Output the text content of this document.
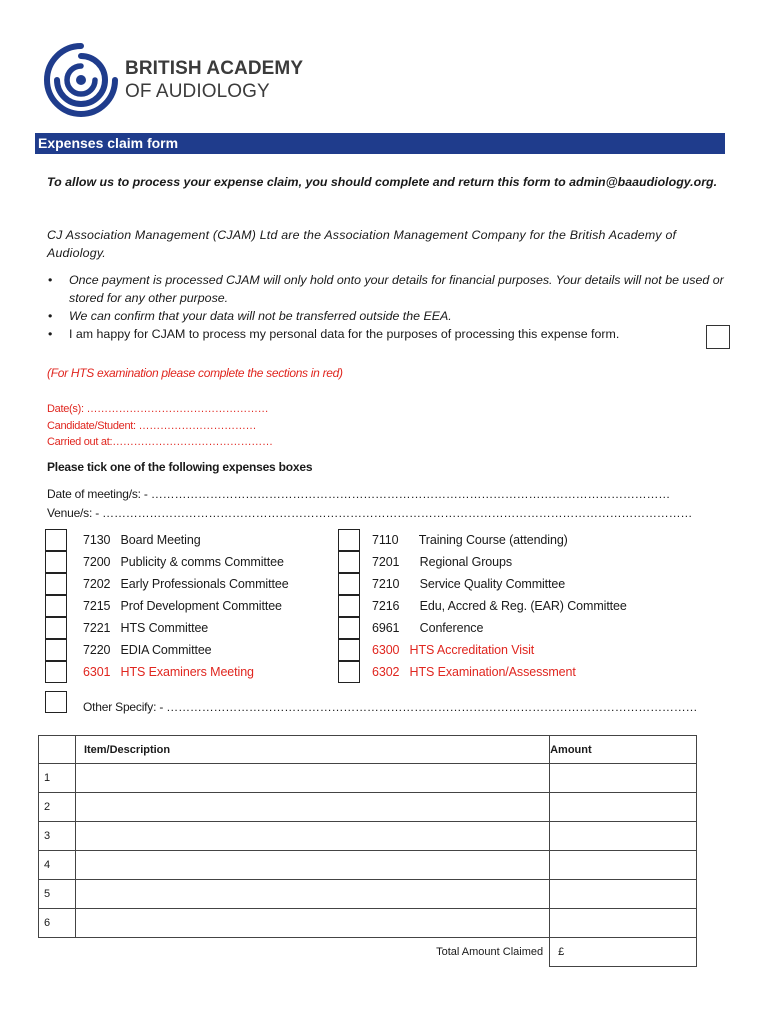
BRITISH ACADEMY
OF AUDIOLOGY
Expenses claim form
To allow us to process your expense claim, you should complete and return this form to admin@baaudiology.org.
CJ Association Management (CJAM) Ltd are the Association Management Company for the British Academy of Audiology.
• Once payment is processed CJAM will only hold onto your details for financial purposes. Your details will not be used or stored for any other purpose.
• We can confirm that your data will not be transferred outside the EEA.
• I am happy for CJAM to process my personal data for the purposes of processing this expense form.
(For HTS examination please complete the sections in red)
Date(s): ……………………………………………
Candidate/Student: ……………………………
Carried out at:………………………………………
Please tick one of the following expenses boxes
Date of meeting/s: - ……………………………………………………………………………………………………………………
Venue/s: - ……………………………………………………………………………………………………………………………………
7130 Board Meeting
7200 Publicity & comms Committee
7202 Early Professionals Committee
7215 Prof Development Committee
7221 HTS Committee
7220 EDIA Committee
6301 HTS Examiners Meeting
7110 Training Course (attending)
7201 Regional Groups
7210 Service Quality Committee
7216 Edu, Accred & Reg. (EAR) Committee
6961 Conference
6300 HTS Accreditation Visit
6302 HTS Examination/Assessment
Other Specify: - ………………………………………………………………………………………………………………………
	Item/Description	Amount
1		
2		
3		
4		
5		
6		
	Total Amount Claimed	£
